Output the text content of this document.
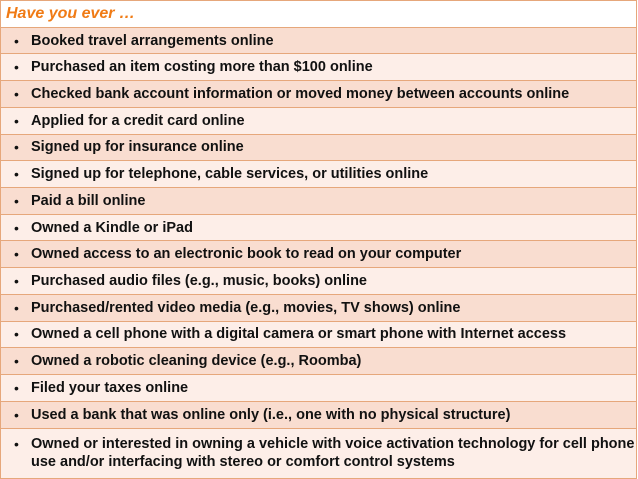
Have you ever …

• Booked travel arrangements online

• Purchased an item costing more than $100 online

• Checked bank account information or moved money between accounts online

• Applied for a credit card online

• Signed up for insurance online

• Signed up for telephone, cable services, or utilities online

• Paid a bill online

• Owned a Kindle or iPad

• Owned access to an electronic book to read on your computer

• Purchased audio files (e.g., music, books) online

• Purchased/rented video media (e.g., movies, TV shows) online

• Owned a cell phone with a digital camera or smart phone with Internet access

• Owned a robotic cleaning device (e.g., Roomba)

• Filed your taxes online

• Used a bank that was online only (i.e., one with no physical structure)

• Owned or interested in owning a vehicle with voice activation technology for cell phone use and/or interfacing with stereo or comfort control systems
